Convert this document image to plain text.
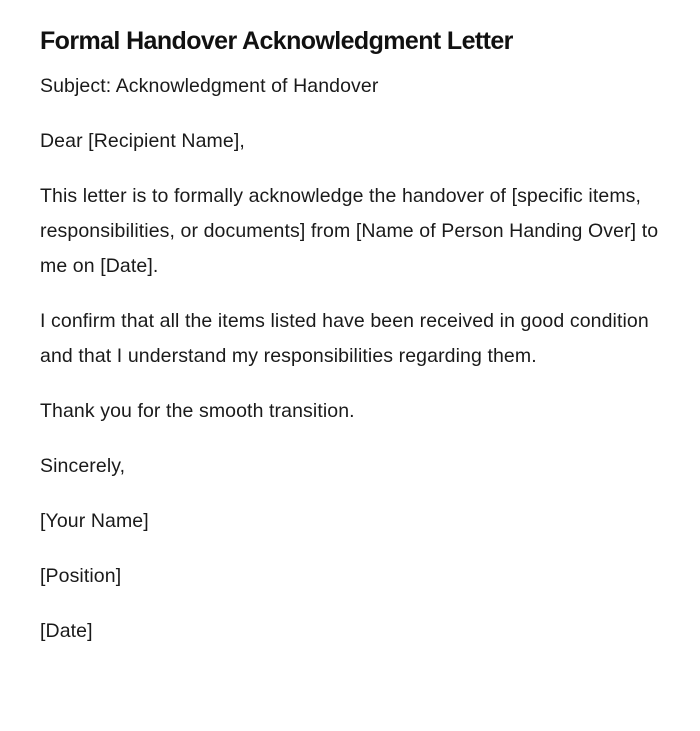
Formal Handover Acknowledgment Letter

Subject: Acknowledgment of Handover

Dear [Recipient Name],

This letter is to formally acknowledge the handover of [specific items, responsibilities, or documents] from [Name of Person Handing Over] to me on [Date].

I confirm that all the items listed have been received in good condition and that I understand my responsibilities regarding them.

Thank you for the smooth transition.

Sincerely,

[Your Name]

[Position]

[Date]
